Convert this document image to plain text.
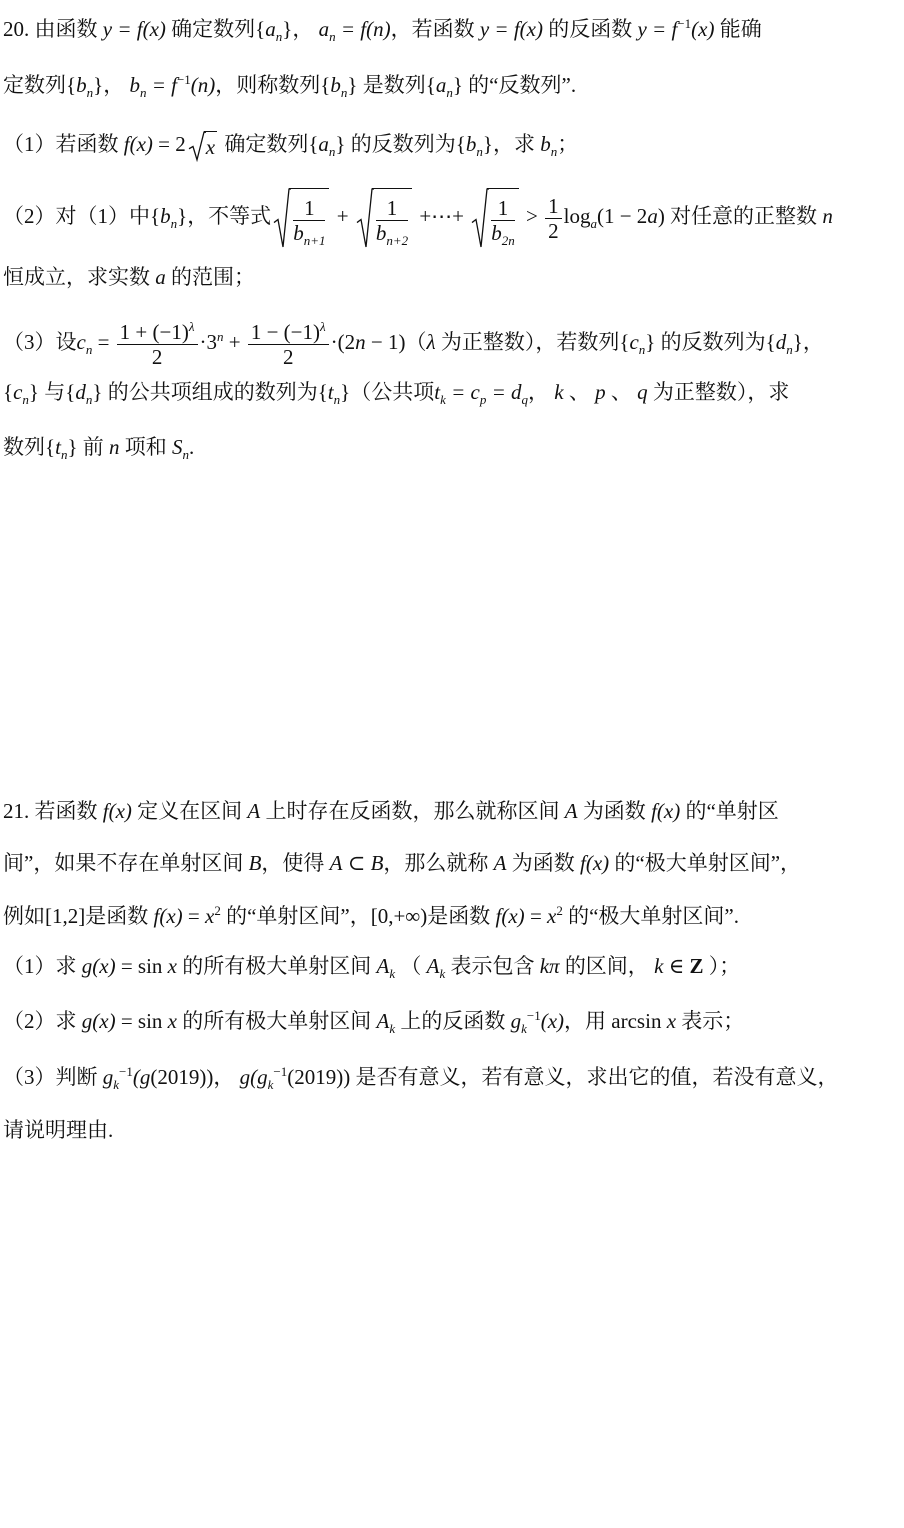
20. 由函数 y = f(x) 确定数列$\{a_n\}$， $a_n = f(n)$，若函数 y = f(x) 的反函数 $y = f^{-1}(x)$ 能确
定数列$\{b_n\}$， $b_n = f^{-1}(n)$，则称数列$\{b_n\}$ 是数列$\{a_n\}$ 的“反数列”.
（1）若函数 f(x) = 2 x 确定数列$\{a_n\}$ 的反数列为$\{b_n\}$，求 $b_n$；
（2）对（1）中$\{b_n\}$，不等式 $\frac{1}{b_{n+1}} + \frac{1}{b_{n+2}}$ +⋯+ $\frac{1}{b_{2n}} > \frac{1}{2} \log_a(1 - 2a)$ 对任意的正整数 n
恒成立，求实数 a 的范围；
（3）设$c_n = \frac{1 + (-1)^\lambda}{2} \cdot 3^n + \frac{1 - (-1)^\lambda}{2} \cdot(2n - 1)(\lambda$ 为正整数），若数列$\{c_n\}$ 的反数列为$\{d_n\}$，
$\{c_n\}$ 与$\{d_n\}$ 的公共项组成的数列为$\{t_n\}$（公共项$t_k = c_p = d_q$， k 、 p 、 q 为正整数），求
数列$\{t_n\}$ 前 n 项和 $S_n$.
21. 若函数 f(x) 定义在区间 A 上时存在反函数，那么就称区间 A 为函数 f(x) 的“单射区
间”，如果不存在单射区间 B，使得 A ⊂ B，那么就称 A 为函数 f(x) 的“极大单射区间”，
例如[1,2]是函数 $f(x) = x^2$ 的“单射区间”，[0,+∞)是函数 $f(x) = x^2$ 的“极大单射区间”.
（1）求 g(x) = sin x 的所有极大单射区间 $A_k$ （ $A_k$ 表示包含 kπ 的区间， k ∈ Z ）；
（2）求 g(x) = sin x 的所有极大单射区间 $A_k$ 上的反函数 $g_k^{-1}(x)$，用 arcsin x 表示；
（3）判断 $g_k^{-1}(g(2019))$， $g(g_k^{-1}(2019))$ 是否有意义，若有意义，求出它的值，若没有意义，
请说明理由.
